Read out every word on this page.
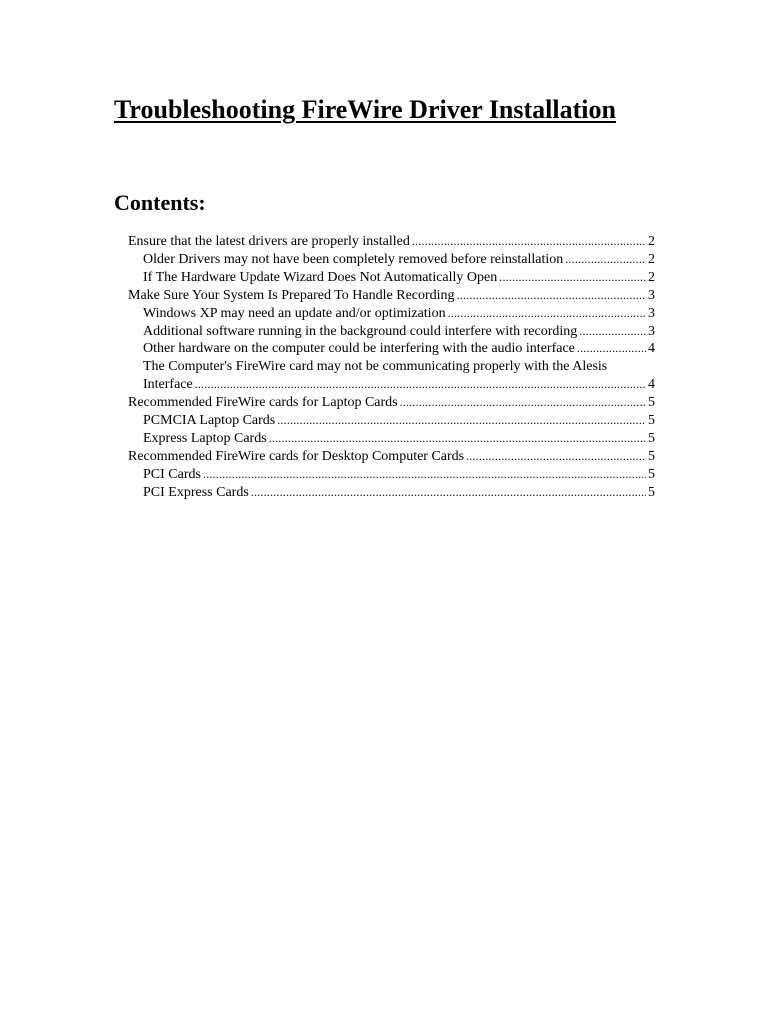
Troubleshooting FireWire Driver Installation
Contents:
Ensure that the latest drivers are properly installed . . .	2
Older Drivers may not have been completely removed before reinstallation . . .	2
If The Hardware Update Wizard Does Not Automatically Open . . .	2
Make Sure Your System Is Prepared To Handle Recording . . .	3
Windows XP may need an update and/or optimization . . .	3
Additional software running in the background could interfere with recording . . .	3
Other hardware on the computer could be interfering with the audio interface . . .	4
The Computer's FireWire card may not be communicating properly with the Alesis
Interface . . .	4
Recommended FireWire cards for Laptop Cards . . .	5
PCMCIA Laptop Cards . . .	5
Express Laptop Cards . . .	5
Recommended FireWire cards for Desktop Computer Cards . . .	5
PCI Cards . . .	5
PCI Express Cards . . .	5
